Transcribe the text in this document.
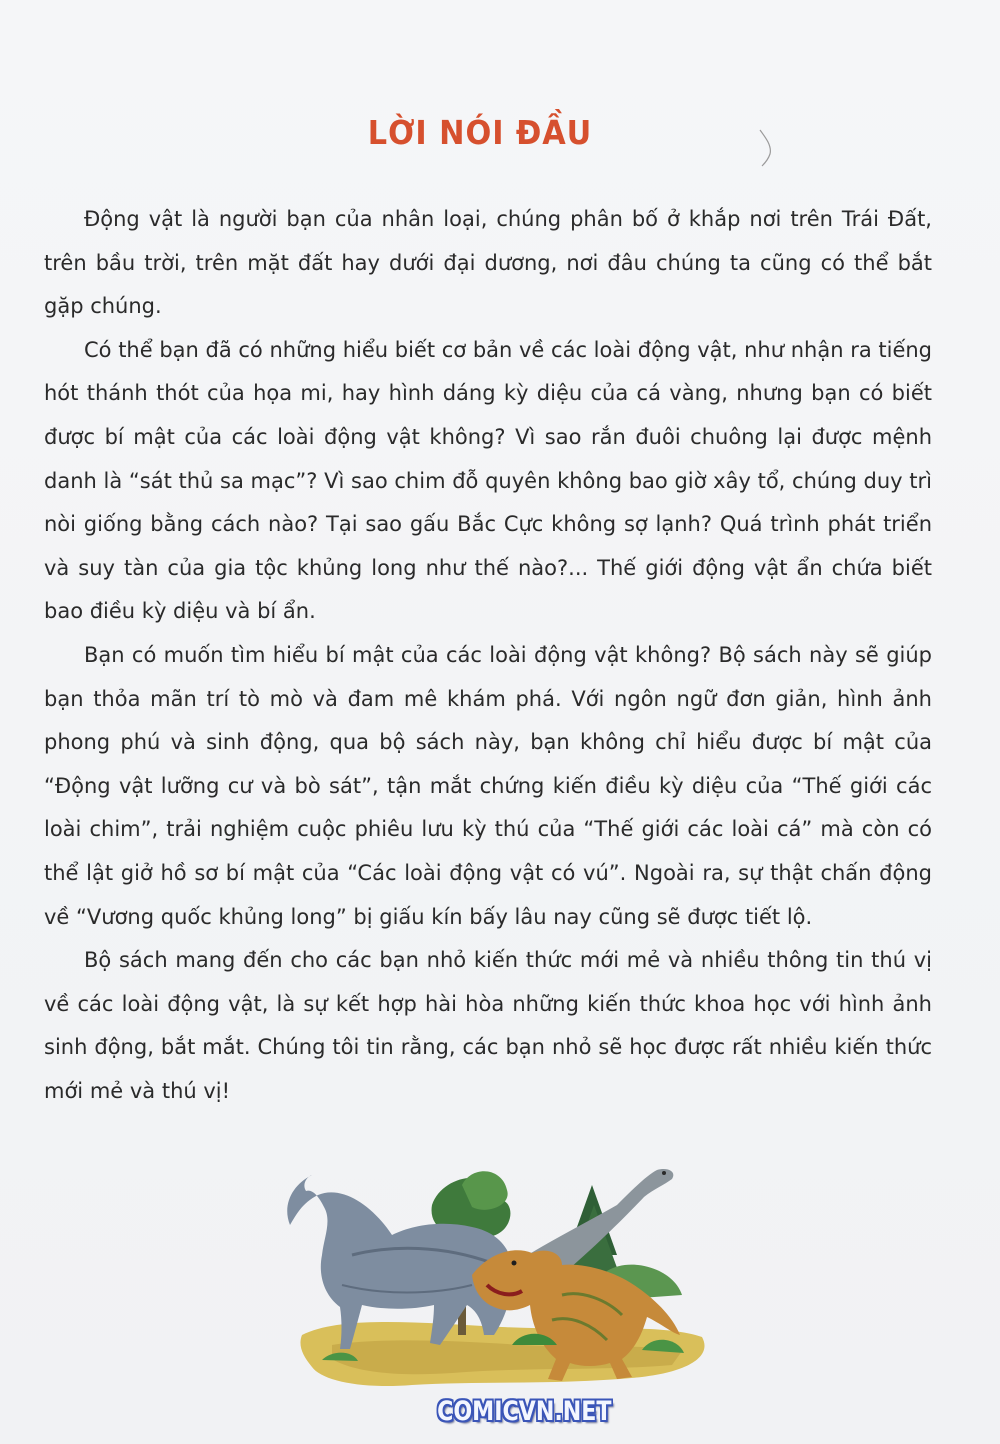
LỜI NÓI ĐẦU

Động vật là người bạn của nhân loại, chúng phân bố ở khắp nơi trên Trái Đất, trên bầu trời, trên mặt đất hay dưới đại dương, nơi đâu chúng ta cũng có thể bắt gặp chúng.

Có thể bạn đã có những hiểu biết cơ bản về các loài động vật, như nhận ra tiếng hót thánh thót của họa mi, hay hình dáng kỳ diệu của cá vàng, nhưng bạn có biết được bí mật của các loài động vật không? Vì sao rắn đuôi chuông lại được mệnh danh là “sát thủ sa mạc”? Vì sao chim đỗ quyên không bao giờ xây tổ, chúng duy trì nòi giống bằng cách nào? Tại sao gấu Bắc Cực không sợ lạnh? Quá trình phát triển và suy tàn của gia tộc khủng long như thế nào?... Thế giới động vật ẩn chứa biết bao điều kỳ diệu và bí ẩn.

Bạn có muốn tìm hiểu bí mật của các loài động vật không? Bộ sách này sẽ giúp bạn thỏa mãn trí tò mò và đam mê khám phá. Với ngôn ngữ đơn giản, hình ảnh phong phú và sinh động, qua bộ sách này, bạn không chỉ hiểu được bí mật của “Động vật lưỡng cư và bò sát”, tận mắt chứng kiến điều kỳ diệu của “Thế giới các loài chim”, trải nghiệm cuộc phiêu lưu kỳ thú của “Thế giới các loài cá” mà còn có thể lật giở hồ sơ bí mật của “Các loài động vật có vú”. Ngoài ra, sự thật chấn động về “Vương quốc khủng long” bị giấu kín bấy lâu nay cũng sẽ được tiết lộ.

Bộ sách mang đến cho các bạn nhỏ kiến thức mới mẻ và nhiều thông tin thú vị về các loài động vật, là sự kết hợp hài hòa những kiến thức khoa học với hình ảnh sinh động, bắt mắt. Chúng tôi tin rằng, các bạn nhỏ sẽ học được rất nhiều kiến thức mới mẻ và thú vị!

COMICVN.NET
